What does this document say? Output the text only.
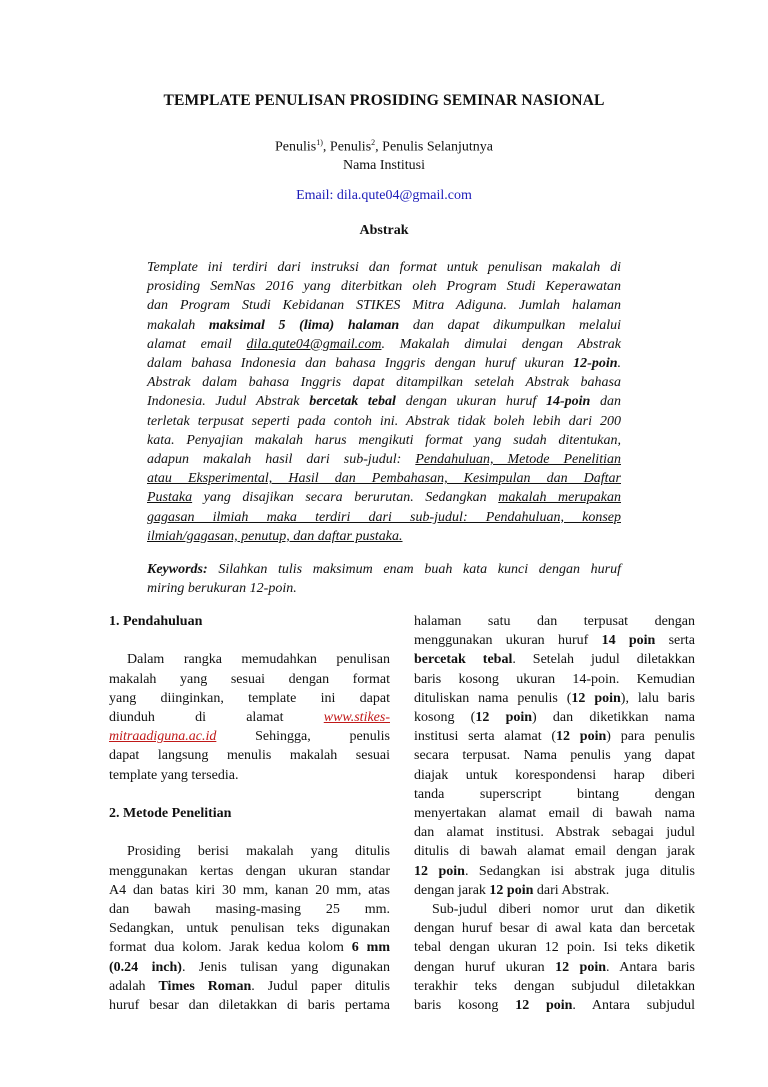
TEMPLATE PENULISAN PROSIDING SEMINAR NASIONAL
Penulis$^{1)}$, Penulis$^2$, Penulis Selanjutnya
Nama Institusi
Email: dila.qute04@gmail.com
Abstrak
Template ini terdiri dari instruksi dan format untuk penulisan makalah di
prosiding SemNas 2016 yang diterbitkan oleh Program Studi Keperawatan
dan Program Studi Kebidanan STIKES Mitra Adiguna. Jumlah halaman
makalah maksimal 5 (lima) halaman dan dapat dikumpulkan melalui
alamat email dila.qute04@gmail.com. Makalah dimulai dengan Abstrak
dalam bahasa Indonesia dan bahasa Inggris dengan huruf ukuran 12-poin.
Abstrak dalam bahasa Inggris dapat ditampilkan setelah Abstrak bahasa
Indonesia. Judul Abstrak bercetak tebal dengan ukuran huruf 14-poin dan
terletak terpusat seperti pada contoh ini. Abstrak tidak boleh lebih dari 200
kata. Penyajian makalah harus mengikuti format yang sudah ditentukan,
adapun makalah hasil dari sub-judul: Pendahuluan, Metode Penelitian
atau Eksperimental, Hasil dan Pembahasan, Kesimpulan dan Daftar
Pustaka yang disajikan secara berurutan. Sedangkan makalah merupakan
gagasan ilmiah maka terdiri dari sub-judul: Pendahuluan, konsep
ilmiah/gagasan, penutup, dan daftar pustaka.
Keywords: Silahkan tulis maksimum enam buah kata kunci dengan huruf
miring berukuran 12-poin.
1. Pendahuluan
Dalam rangka memudahkan penulisan
makalah yang sesuai dengan format
yang diinginkan, template ini dapat
diunduh di alamat www.stikes-
mitraadiguna.ac.id Sehingga, penulis
dapat langsung menulis makalah sesuai
template yang tersedia.
2. Metode Penelitian
Prosiding berisi makalah yang ditulis
menggunakan kertas dengan ukuran standar
A4 dan batas kiri 30 mm, kanan 20 mm, atas
dan bawah masing-masing 25 mm.
Sedangkan, untuk penulisan teks digunakan
format dua kolom. Jarak kedua kolom 6 mm
(0.24 inch). Jenis tulisan yang digunakan
adalah Times Roman. Judul paper ditulis
huruf besar dan diletakkan di baris pertama
halaman satu dan terpusat dengan
menggunakan ukuran huruf 14 poin serta
bercetak tebal. Setelah judul diletakkan
baris kosong ukuran 14-poin. Kemudian
dituliskan nama penulis (12 poin), lalu baris
kosong (12 poin) dan diketikkan nama
institusi serta alamat (12 poin) para penulis
secara terpusat. Nama penulis yang dapat
diajak untuk korespondensi harap diberi
tanda superscript bintang dengan
menyertakan alamat email di bawah nama
dan alamat institusi. Abstrak sebagai judul
ditulis di bawah alamat email dengan jarak
12 poin. Sedangkan isi abstrak juga ditulis
dengan jarak 12 poin dari Abstrak.
Sub-judul diberi nomor urut dan diketik
dengan huruf besar di awal kata dan bercetak
tebal dengan ukuran 12 poin. Isi teks diketik
dengan huruf ukuran 12 poin. Antara baris
terakhir teks dengan subjudul diletakkan
baris kosong 12 poin. Antara subjudul
